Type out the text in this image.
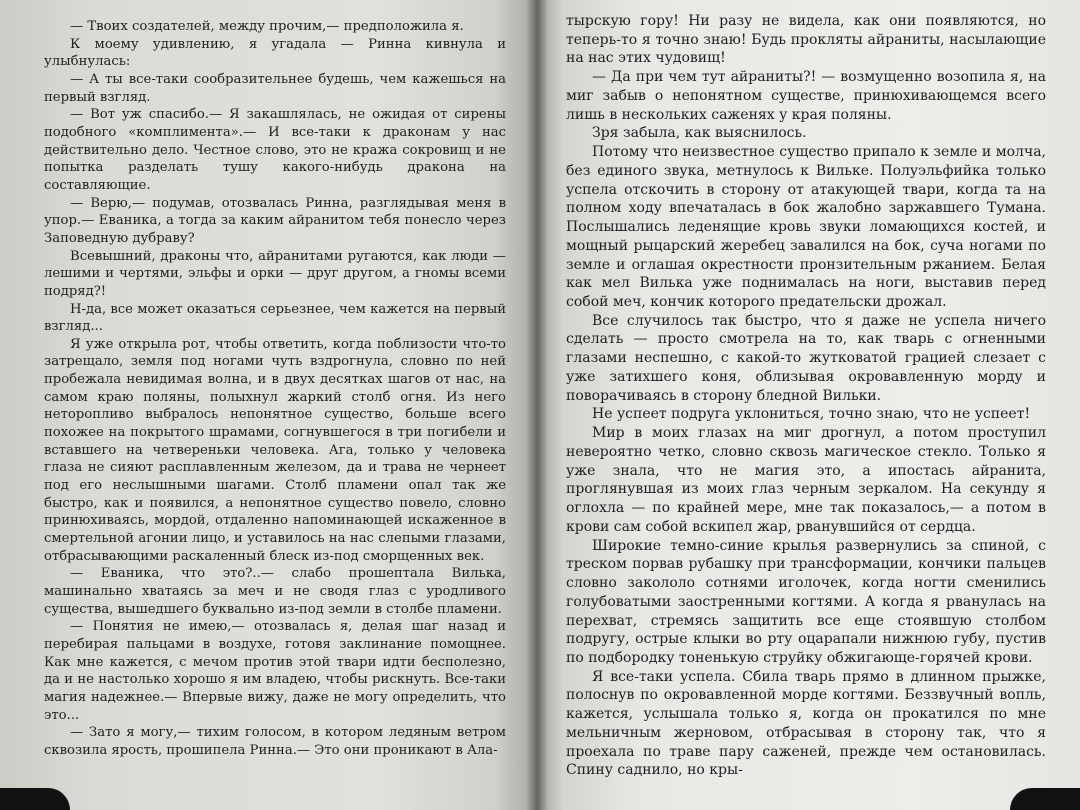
— Твоих создателей, между прочим,— предположила я.

К моему удивлению, я угадала — Ринна кивнула и улыбнулась:

— А ты все-таки сообразительнее будешь, чем кажешься на первый взгляд.

— Вот уж спасибо.— Я закашлялась, не ожидая от сирены подобного «комплимента».— И все-таки к драконам у нас действительно дело. Честное слово, это не кража сокровищ и не попытка разделать тушу какого-нибудь дракона на составляющие.

— Верю,— подумав, отозвалась Ринна, разглядывая меня в упор.— Еваника, а тогда за каким айранитом тебя понесло через Заповедную дубраву?

Всевышний, драконы что, айранитами ругаются, как люди — лешими и чертями, эльфы и орки — друг другом, а гномы всеми подряд?!

Н-да, все может оказаться серьезнее, чем кажется на первый взгляд...

Я уже открыла рот, чтобы ответить, когда поблизости что-то затрещало, земля под ногами чуть вздрогнула, словно по ней пробежала невидимая волна, и в двух десятках шагов от нас, на самом краю поляны, полыхнул жаркий столб огня. Из него неторопливо выбралось непонятное существо, больше всего похожее на покрытого шрамами, согнувшегося в три погибели и вставшего на четвереньки человека. Ага, только у человека глаза не сияют расплавленным железом, да и трава не чернеет под его неслышными шагами. Столб пламени опал так же быстро, как и появился, а непонятное существо повело, словно принюхиваясь, мордой, отдаленно напоминающей искаженное в смертельной агонии лицо, и уставилось на нас слепыми глазами, отбрасывающими раскаленный блеск из-под сморщенных век.

— Еваника, что это?..— слабо прошептала Вилька, машинально хватаясь за меч и не сводя глаз с уродливого существа, вышедшего буквально из-под земли в столбе пламени.

— Понятия не имею,— отозвалась я, делая шаг назад и перебирая пальцами в воздухе, готовя заклинание помощнее. Как мне кажется, с мечом против этой твари идти бесполезно, да и не настолько хорошо я им владею, чтобы рискнуть. Все-таки магия надежнее.— Впервые вижу, даже не могу определить, что это...

— Зато я могу,— тихим голосом, в котором ледяным ветром сквозила ярость, прошипела Ринна.— Это они проникают в Ала-

тырскую гору! Ни разу не видела, как они появляются, но теперь-то я точно знаю! Будь прокляты айраниты, насылающие на нас этих чудовищ!

— Да при чем тут айраниты?! — возмущенно возопила я, на миг забыв о непонятном существе, принюхивающемся всего лишь в нескольких саженях у края поляны.

Зря забыла, как выяснилось.

Потому что неизвестное существо припало к земле и молча, без единого звука, метнулось к Вильке. Полуэльфийка только успела отскочить в сторону от атакующей твари, когда та на полном ходу впечаталась в бок жалобно заржавшего Тумана. Послышались леденящие кровь звуки ломающихся костей, и мощный рыцарский жеребец завалился на бок, суча ногами по земле и оглашая окрестности пронзительным ржанием. Белая как мел Вилька уже поднималась на ноги, выставив перед собой меч, кончик которого предательски дрожал.

Все случилось так быстро, что я даже не успела ничего сделать — просто смотрела на то, как тварь с огненными глазами неспешно, с какой-то жутковатой грацией слезает с уже затихшего коня, облизывая окровавленную морду и поворачиваясь в сторону бледной Вильки.

Не успеет подруга уклониться, точно знаю, что не успеет!

Мир в моих глазах на миг дрогнул, а потом проступил невероятно четко, словно сквозь магическое стекло. Только я уже знала, что не магия это, а ипостась айранита, проглянувшая из моих глаз черным зеркалом. На секунду я оглохла — по крайней мере, мне так показалось,— а потом в крови сам собой вскипел жар, рванувшийся от сердца.

Широкие темно-синие крылья развернулись за спиной, с треском порвав рубашку при трансформации, кончики пальцев словно закололо сотнями иголочек, когда ногти сменились голубоватыми заостренными когтями. А когда я рванулась на перехват, стремясь защитить все еще стоявшую столбом подругу, острые клыки во рту оцарапали нижнюю губу, пустив по подбородку тоненькую струйку обжигающе-горячей крови.

Я все-таки успела. Сбила тварь прямо в длинном прыжке, полоснув по окровавленной морде когтями. Беззвучный вопль, кажется, услышала только я, когда он прокатился по мне мельничным жерновом, отбрасывая в сторону так, что я проехала по траве пару саженей, прежде чем остановилась. Спину саднило, но кры-
